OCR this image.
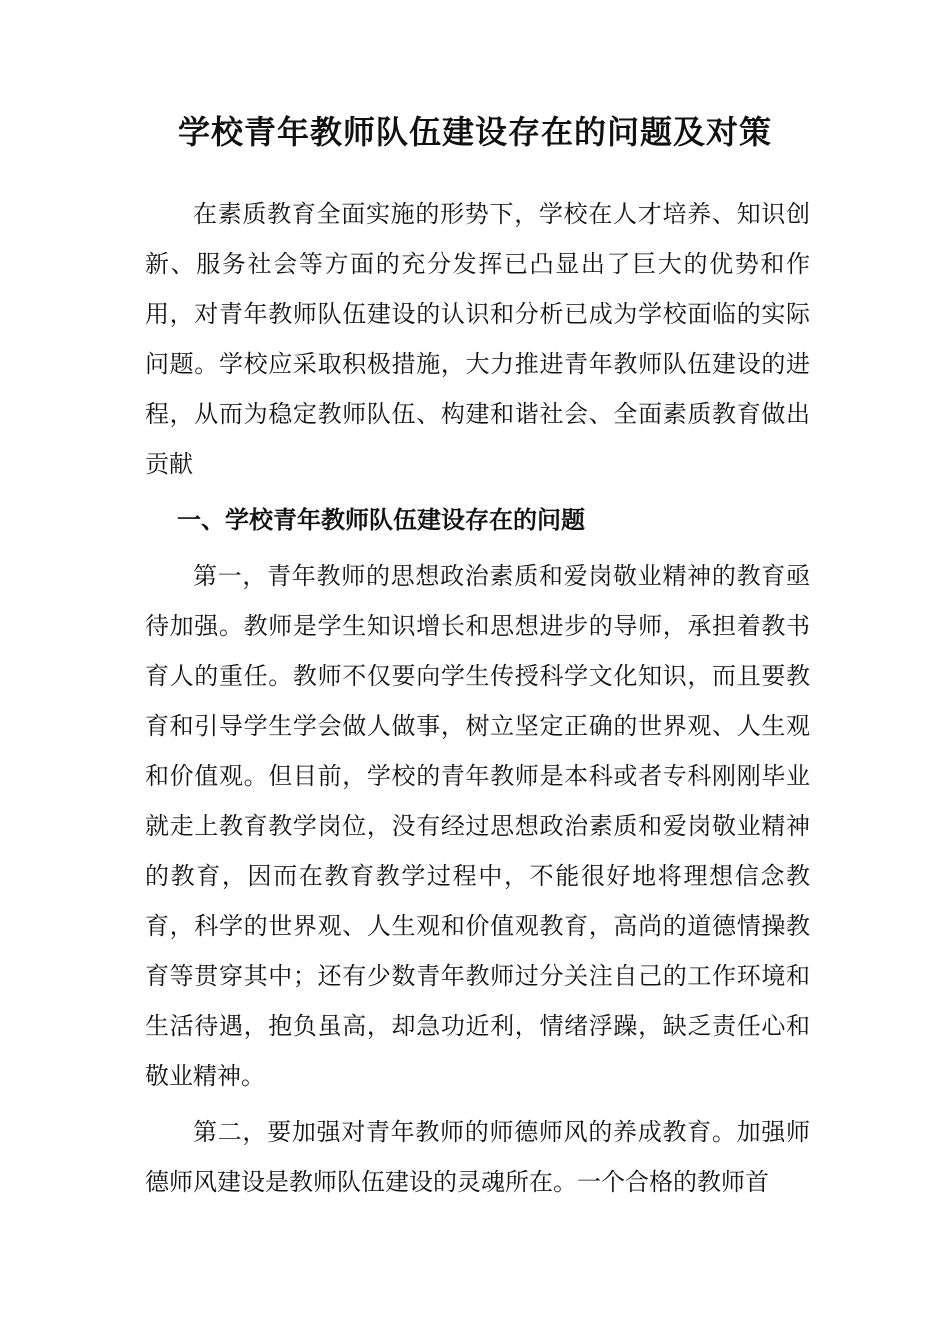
学校青年教师队伍建设存在的问题及对策

在素质教育全面实施的形势下，学校在人才培养、知识创新、服务社会等方面的充分发挥已凸显出了巨大的优势和作用，对青年教师队伍建设的认识和分析已成为学校面临的实际问题。学校应采取积极措施，大力推进青年教师队伍建设的进程，从而为稳定教师队伍、构建和谐社会、全面素质教育做出贡献

一、学校青年教师队伍建设存在的问题

第一，青年教师的思想政治素质和爱岗敬业精神的教育亟待加强。教师是学生知识增长和思想进步的导师，承担着教书育人的重任。教师不仅要向学生传授科学文化知识，而且要教育和引导学生学会做人做事，树立坚定正确的世界观、人生观和价值观。但目前，学校的青年教师是本科或者专科刚刚毕业就走上教育教学岗位，没有经过思想政治素质和爱岗敬业精神的教育，因而在教育教学过程中，不能很好地将理想信念教育，科学的世界观、人生观和价值观教育，高尚的道德情操教育等贯穿其中；还有少数青年教师过分关注自己的工作环境和生活待遇，抱负虽高，却急功近利，情绪浮躁，缺乏责任心和敬业精神。

第二，要加强对青年教师的师德师风的养成教育。加强师德师风建设是教师队伍建设的灵魂所在。一个合格的教师首
